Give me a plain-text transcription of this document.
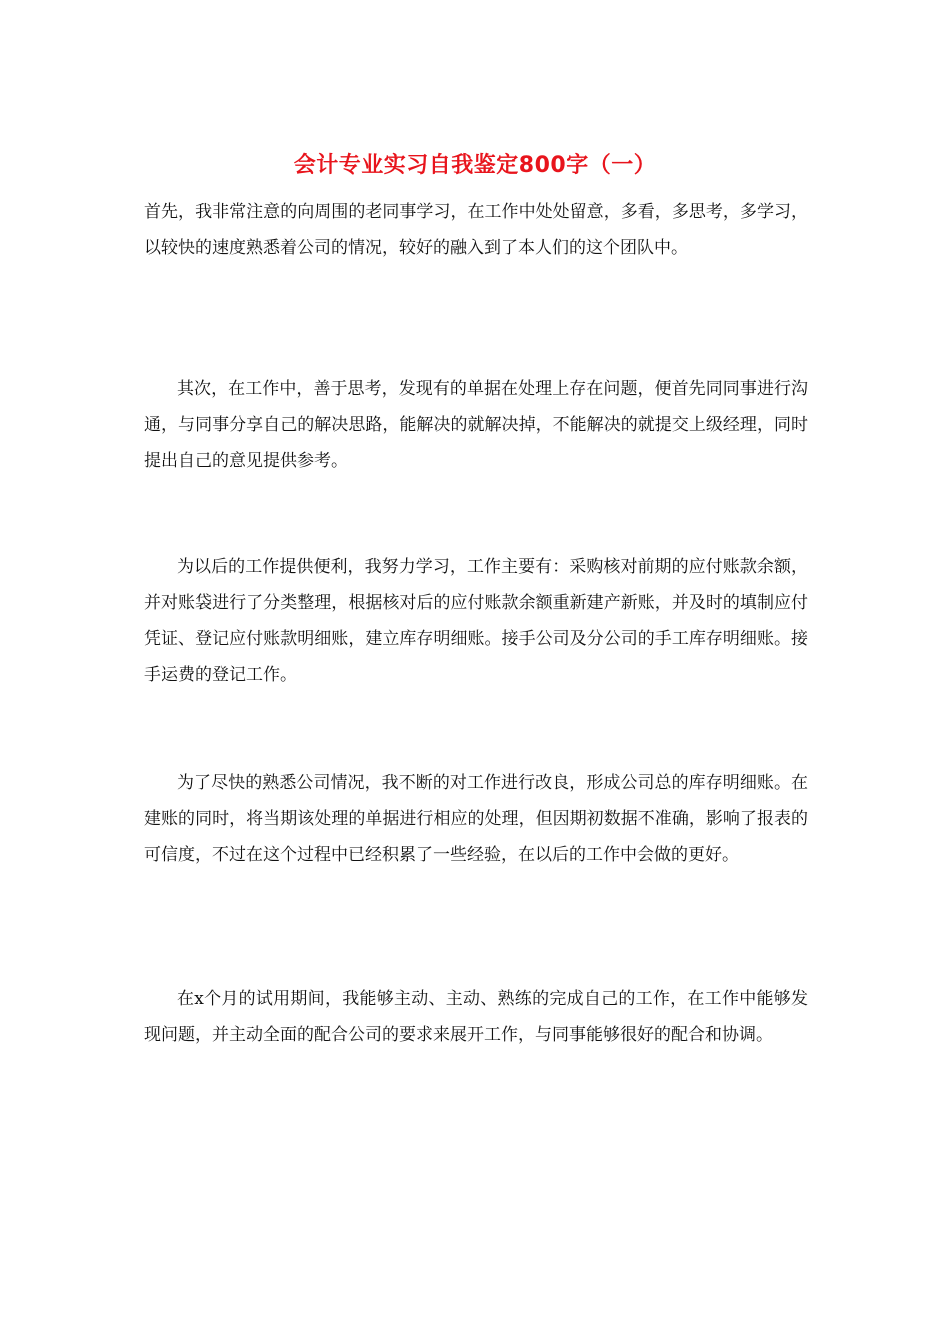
会计专业实习自我鉴定800字（一）

首先，我非常注意的向周围的老同事学习，在工作中处处留意，多看，多思考，多学习，以较快的速度熟悉着公司的情况，较好的融入到了本人们的这个团队中。

其次，在工作中，善于思考，发现有的单据在处理上存在问题，便首先同同事进行沟通，与同事分享自己的解决思路，能解决的就解决掉，不能解决的就提交上级经理，同时提出自己的意见提供参考。

为以后的工作提供便利，我努力学习，工作主要有：采购核对前期的应付账款余额，并对账袋进行了分类整理，根据核对后的应付账款余额重新建产新账，并及时的填制应付凭证、登记应付账款明细账，建立库存明细账。接手公司及分公司的手工库存明细账。接手运费的登记工作。

为了尽快的熟悉公司情况，我不断的对工作进行改良，形成公司总的库存明细账。在建账的同时，将当期该处理的单据进行相应的处理，但因期初数据不准确，影响了报表的可信度，不过在这个过程中已经积累了一些经验，在以后的工作中会做的更好。

在x个月的试用期间，我能够主动、主动、熟练的完成自己的工作，在工作中能够发现问题，并主动全面的配合公司的要求来展开工作，与同事能够很好的配合和协调。
